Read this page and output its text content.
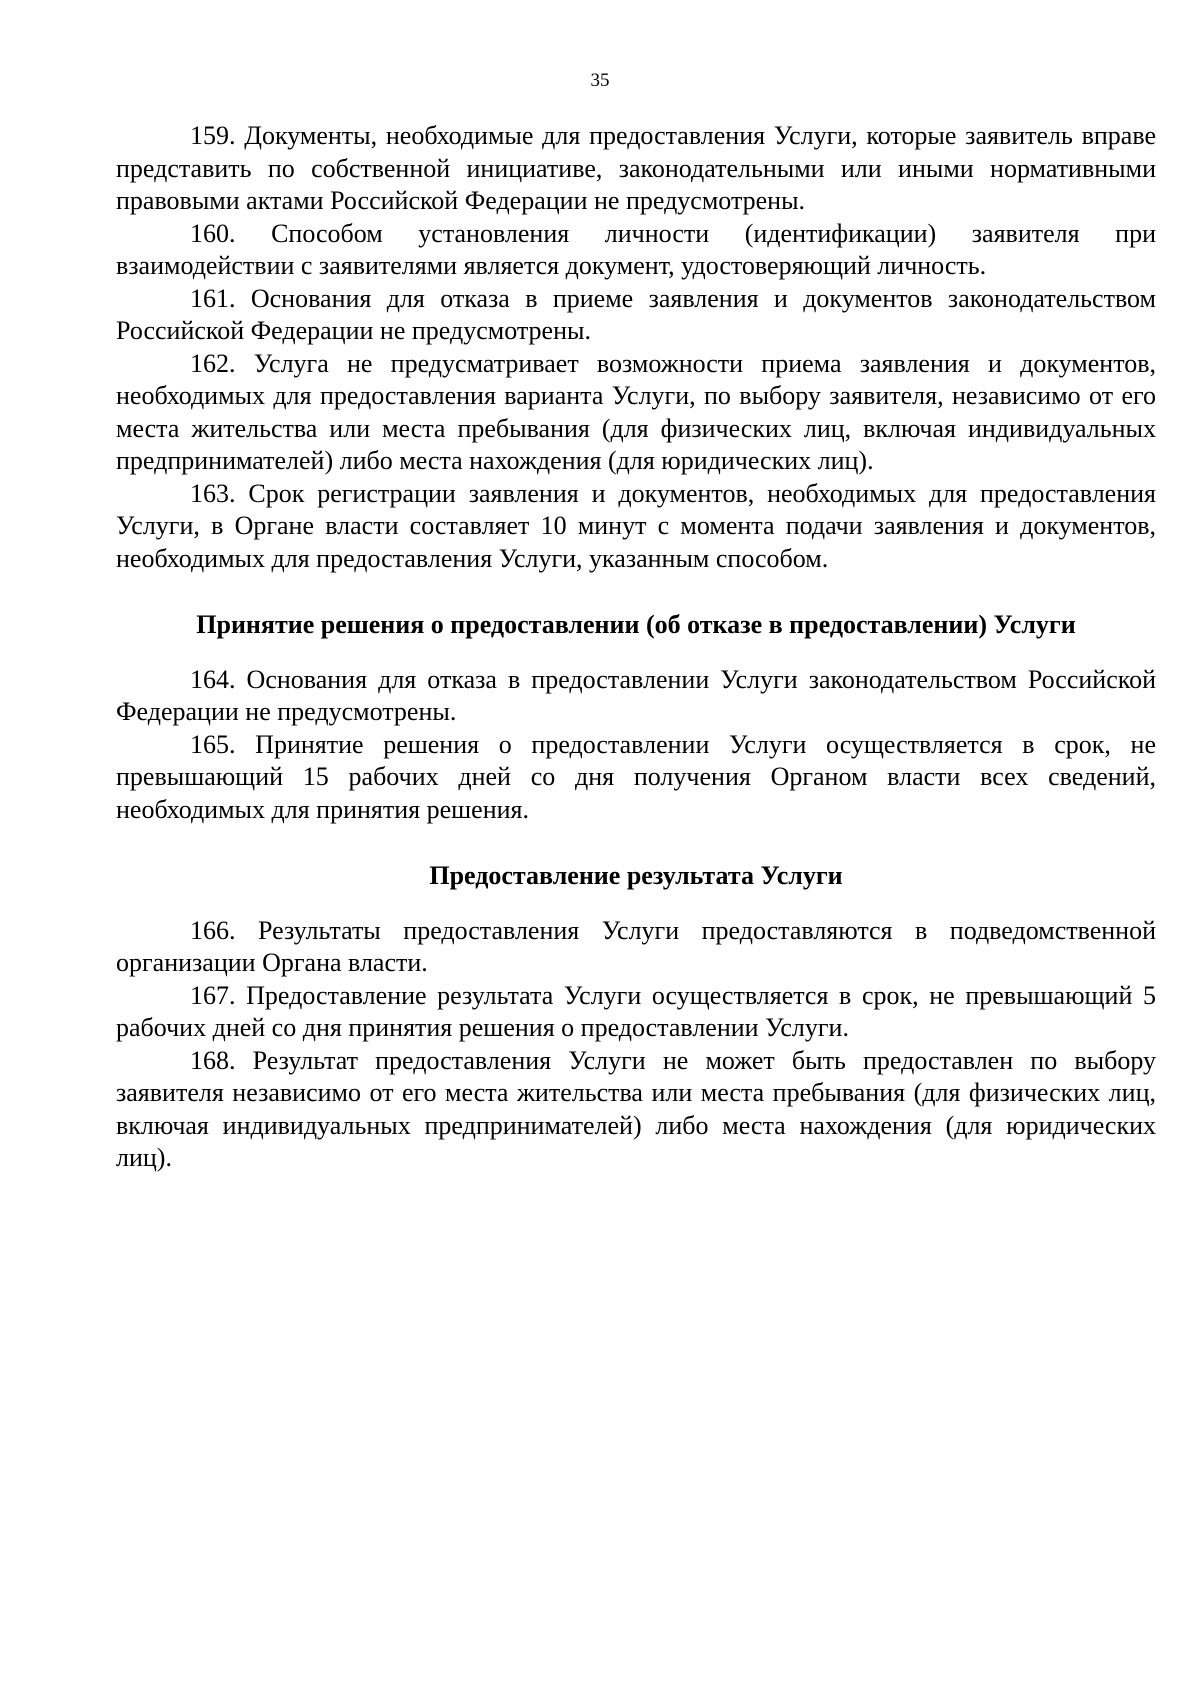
35

159. Документы, необходимые для предоставления Услуги, которые заявитель вправе представить по собственной инициативе, законодательными или иными нормативными правовыми актами Российской Федерации не предусмотрены.

160. Способом установления личности (идентификации) заявителя при взаимодействии с заявителями является документ, удостоверяющий личность.

161. Основания для отказа в приеме заявления и документов законодательством Российской Федерации не предусмотрены.

162. Услуга не предусматривает возможности приема заявления и документов, необходимых для предоставления варианта Услуги, по выбору заявителя, независимо от его места жительства или места пребывания (для физических лиц, включая индивидуальных предпринимателей) либо места нахождения (для юридических лиц).

163. Срок регистрации заявления и документов, необходимых для предоставления Услуги, в Органе власти составляет 10 минут с момента подачи заявления и документов, необходимых для предоставления Услуги, указанным способом.

Принятие решения о предоставлении (об отказе в предоставлении) Услуги

164. Основания для отказа в предоставлении Услуги законодательством Российской Федерации не предусмотрены.

165. Принятие решения о предоставлении Услуги осуществляется в срок, не превышающий 15 рабочих дней со дня получения Органом власти всех сведений, необходимых для принятия решения.

Предоставление результата Услуги

166. Результаты предоставления Услуги предоставляются в подведомственной организации Органа власти.

167. Предоставление результата Услуги осуществляется в срок, не превышающий 5 рабочих дней со дня принятия решения о предоставлении Услуги.

168. Результат предоставления Услуги не может быть предоставлен по выбору заявителя независимо от его места жительства или места пребывания (для физических лиц, включая индивидуальных предпринимателей) либо места нахождения (для юридических лиц).
